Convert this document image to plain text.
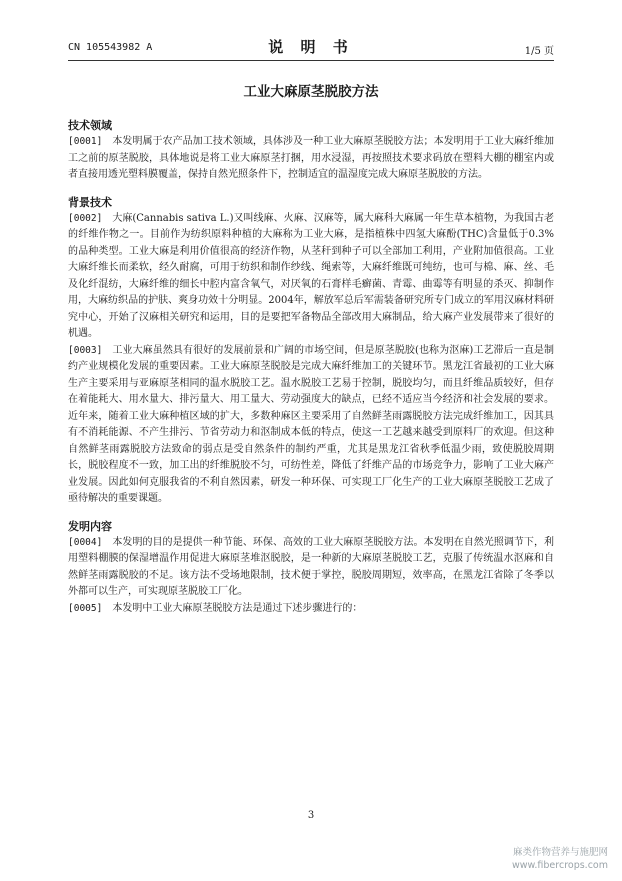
CN 105543982 A	说 明 书	1/5 页
工业大麻原茎脱胶方法

技术领域

[0001] 本发明属于农产品加工技术领域，具体涉及一种工业大麻原茎脱胶方法；本发明用于工业大麻纤维加工之前的原茎脱胶，具体地说是将工业大麻原茎打捆，用水浸湿，再按照技术要求码放在塑料大棚的棚室内或者直接用透光塑料膜覆盖，保持自然光照条件下，控制适宜的温湿度完成大麻原茎脱胶的方法。

背景技术

[0002] 大麻(Cannabis sativa L.)又叫线麻、火麻、汉麻等，属大麻科大麻属一年生草本植物，为我国古老的纤维作物之一。目前作为纺织原料种植的大麻称为工业大麻，是指植株中四氢大麻酚(THC)含量低于0.3%的品种类型。工业大麻是利用价值很高的经济作物，从茎秆到种子可以全部加工利用，产业附加值很高。工业大麻纤维长而柔软，经久耐腐，可用于纺织和制作纱线、绳索等，大麻纤维既可纯纺，也可与棉、麻、丝、毛及化纤混纺，大麻纤维的细长中腔内富含氧气，对厌氧的石膏样毛癣菌、青霉、曲霉等有明显的杀灭、抑制作用，大麻纺织品的护肤、爽身功效十分明显。2004年，解放军总后军需装备研究所专门成立的军用汉麻材料研究中心，开始了汉麻相关研究和运用，目的是要把军备物品全部改用大麻制品，给大麻产业发展带来了很好的机遇。

[0003] 工业大麻虽然具有很好的发展前景和广阔的市场空间，但是原茎脱胶(也称为沤麻)工艺滞后一直是制约产业规模化发展的重要因素。工业大麻原茎脱胶是完成大麻纤维加工的关键环节。黑龙江省最初的工业大麻生产主要采用与亚麻原茎相同的温水脱胶工艺。温水脱胶工艺易于控制，脱胶均匀，而且纤维品质较好，但存在着能耗大、用水量大、排污量大、用工量大、劳动强度大的缺点，已经不适应当今经济和社会发展的要求。近年来，随着工业大麻种植区域的扩大，多数种麻区主要采用了自然鲜茎雨露脱胶方法完成纤维加工，因其具有不消耗能源、不产生排污、节省劳动力和沤制成本低的特点，使这一工艺越来越受到原料厂的欢迎。但这种自然鲜茎雨露脱胶方法致命的弱点是受自然条件的制约严重，尤其是黑龙江省秋季低温少雨，致使脱胶周期长，脱胶程度不一致，加工出的纤维脱胶不匀，可纺性差，降低了纤维产品的市场竞争力，影响了工业大麻产业发展。因此如何克服我省的不利自然因素，研发一种环保、可实现工厂化生产的工业大麻原茎脱胶工艺成了亟待解决的重要课题。

发明内容

[0004] 本发明的目的是提供一种节能、环保、高效的工业大麻原茎脱胶方法。本发明在自然光照调节下，利用塑料棚膜的保湿增温作用促进大麻原茎堆沤脱胶，是一种新的大麻原茎脱胶工艺，克服了传统温水沤麻和自然鲜茎雨露脱胶的不足。该方法不受场地限制，技术便于掌控，脱胶周期短，效率高，在黑龙江省除了冬季以外都可以生产，可实现原茎脱胶工厂化。

[0005] 本发明中工业大麻原茎脱胶方法是通过下述步骤进行的：

3
麻类作物营养与施肥网
www.fibercrops.com
